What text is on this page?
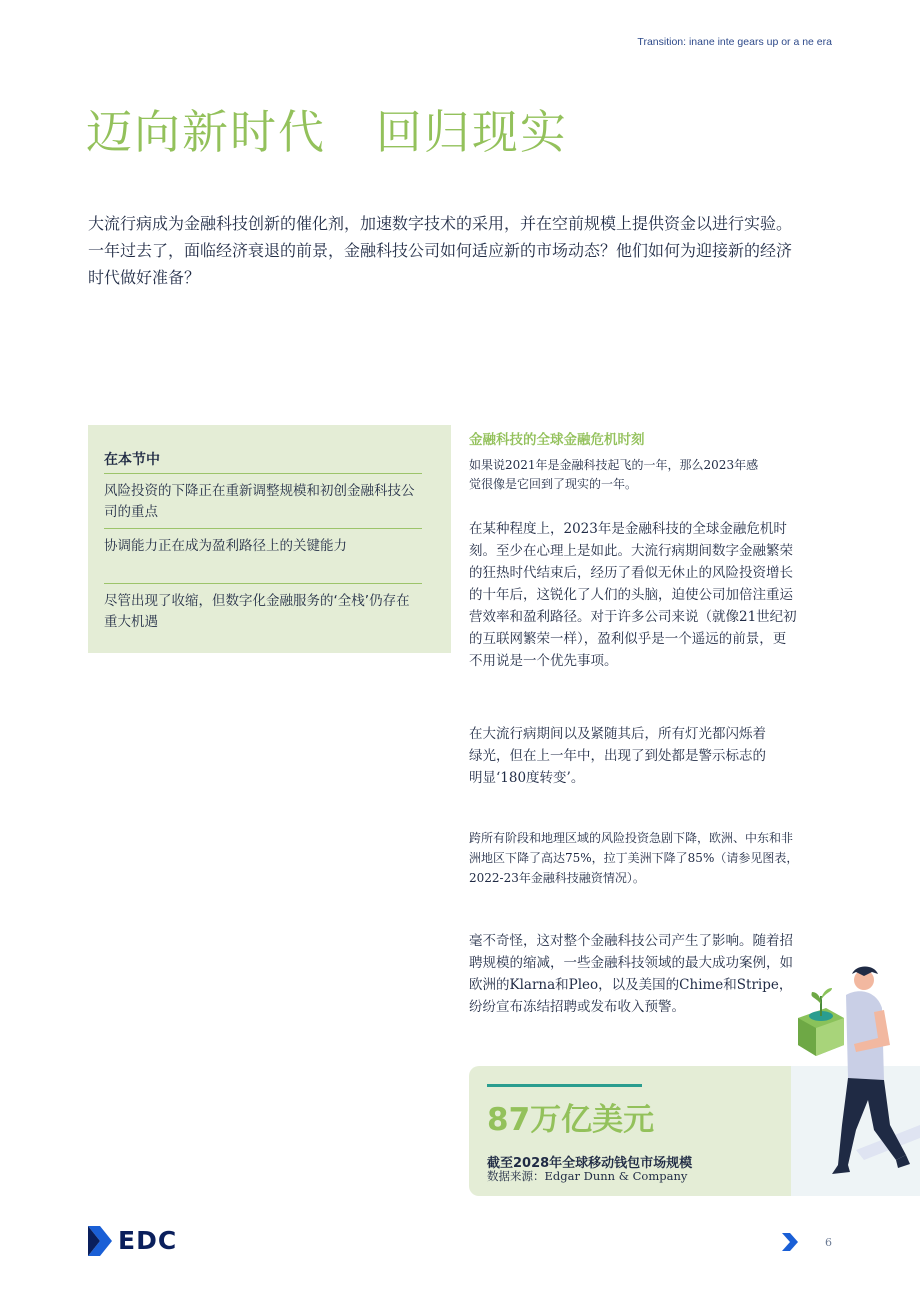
Transition: inane inte gears up or a ne era
迈向新时代   回归现实

大流行病成为金融科技创新的催化剂，加速数字技术的采用，并在空前规模上提供资金以进行实验。一年过去了，面临经济衰退的前景，金融科技公司如何适应新的市场动态？他们如何为迎接新的经济时代做好准备？

在本节中
风险投资的下降正在重新调整规模和初创金融科技公司的重点
协调能力正在成为盈利路径上的关键能力
尽管出现了收缩，但数字化金融服务的‘全栈’仍存在重大机遇
金融科技的全球金融危机时刻

如果说2021年是金融科技起飞的一年，那么2023年感觉很像是它回到了现实的一年。

在某种程度上，2023年是金融科技的全球金融危机时刻。至少在心理上是如此。大流行病期间数字金融繁荣的狂热时代结束后，经历了看似无休止的风险投资增长的十年后，这锐化了人们的头脑，迫使公司加倍注重运营效率和盈利路径。对于许多公司来说（就像21世纪初的互联网繁荣一样），盈利似乎是一个遥远的前景，更不用说是一个优先事项。

在大流行病期间以及紧随其后，所有灯光都闪烁着绿光，但在上一年中，出现了到处都是警示标志的明显‘180度转变’。

跨所有阶段和地理区域的风险投资急剧下降，欧洲、中东和非洲地区下降了高达75%，拉丁美洲下降了85%（请参见图表，2022-23年金融科技融资情况）。

毫不奇怪，这对整个金融科技公司产生了影响。随着招聘规模的缩减，一些金融科技领域的最大成功案例，如欧洲的Klarna和Pleo，以及美国的Chime和Stripe，纷纷宣布冻结招聘或发布收入预警。

87万亿美元
截至2028年全球移动钱包市场规模
数据来源：Edgar Dunn & Company
EDC	6
